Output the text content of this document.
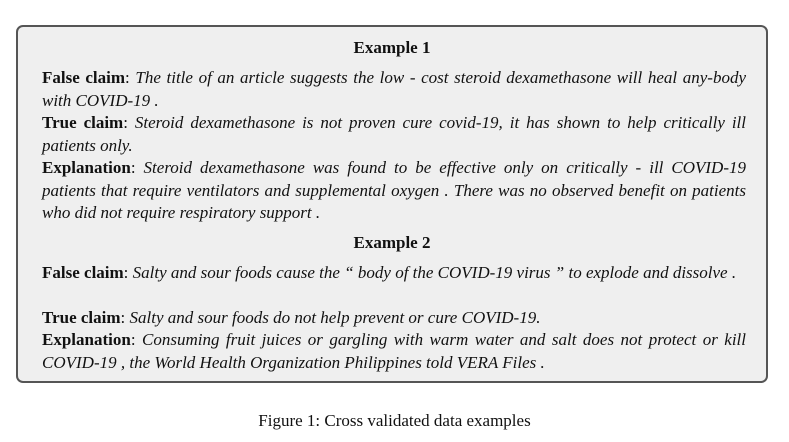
Example 1
False claim: The title of an article suggests the low - cost steroid dexamethasone will heal any-body with COVID-19 .
True claim: Steroid dexamethasone is not proven cure covid-19, it has shown to help critically ill patients only.
Explanation: Steroid dexamethasone was found to be effective only on critically - ill COVID-19 patients that require ventilators and supplemental oxygen . There was no observed benefit on patients who did not require respiratory support .
Example 2
False claim: Salty and sour foods cause the “ body of the COVID-19 virus ” to explode and dissolve .
True claim: Salty and sour foods do not help prevent or cure COVID-19.
Explanation: Consuming fruit juices or gargling with warm water and salt does not protect or kill COVID-19 , the World Health Organization Philippines told VERA Files .
Figure 1: Cross validated data examples
